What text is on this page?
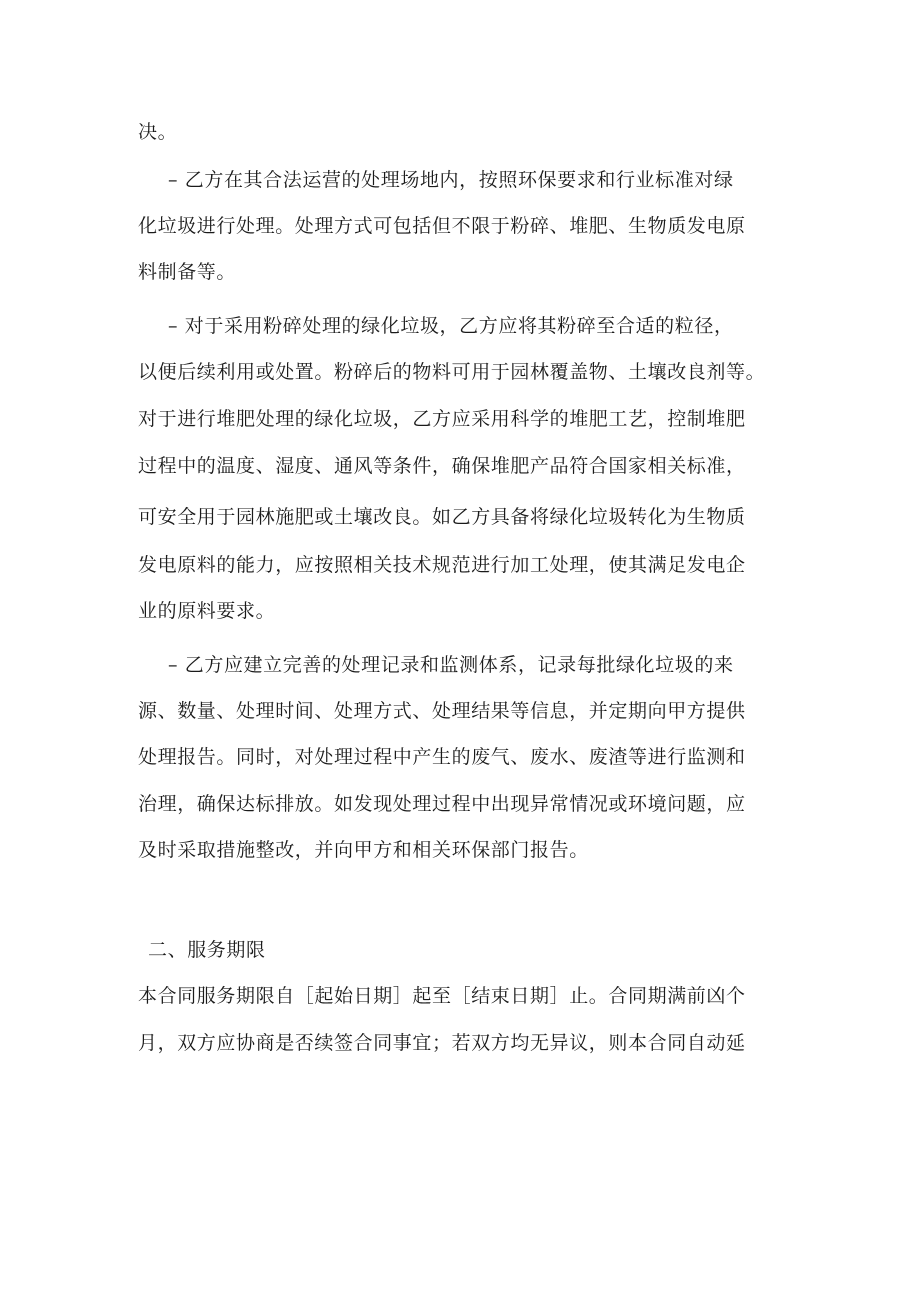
决。
– 乙方在其合法运营的处理场地内，按照环保要求和行业标准对绿
化垃圾进行处理。处理方式可包括但不限于粉碎、堆肥、生物质发电原
料制备等。
– 对于采用粉碎处理的绿化垃圾，乙方应将其粉碎至合适的粒径，
以便后续利用或处置。粉碎后的物料可用于园林覆盖物、土壤改良剂等。
对于进行堆肥处理的绿化垃圾，乙方应采用科学的堆肥工艺，控制堆肥
过程中的温度、湿度、通风等条件，确保堆肥产品符合国家相关标准，
可安全用于园林施肥或土壤改良。如乙方具备将绿化垃圾转化为生物质
发电原料的能力，应按照相关技术规范进行加工处理，使其满足发电企
业的原料要求。
– 乙方应建立完善的处理记录和监测体系，记录每批绿化垃圾的来
源、数量、处理时间、处理方式、处理结果等信息，并定期向甲方提供
处理报告。同时，对处理过程中产生的废气、废水、废渣等进行监测和
治理，确保达标排放。如发现处理过程中出现异常情况或环境问题，应
及时采取措施整改，并向甲方和相关环保部门报告。
二、服务期限
本合同服务期限自［起始日期］起至［结束日期］止。合同期满前凶个
月，双方应协商是否续签合同事宜；若双方均无异议，则本合同自动延
